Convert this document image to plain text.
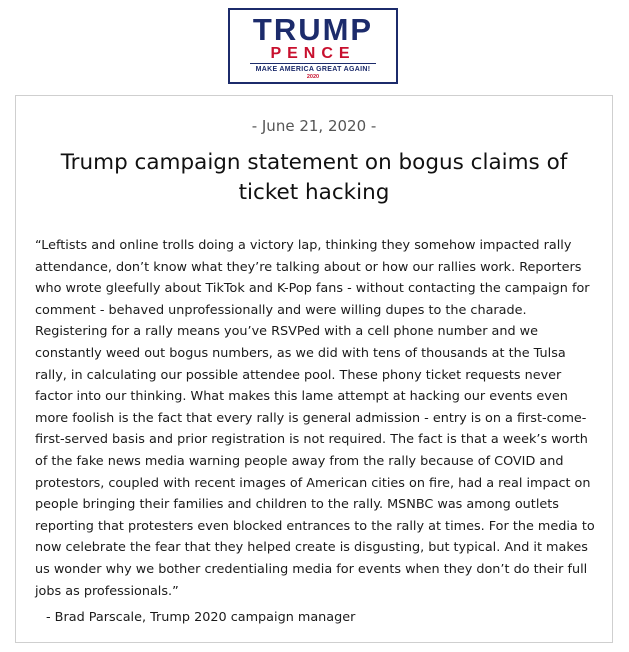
TRUMP
PENCE
MAKE AMERICA GREAT AGAIN!
2020
- June 21, 2020 -
Trump campaign statement on bogus claims of ticket hacking

“Leftists and online trolls doing a victory lap, thinking they somehow impacted rally attendance, don’t know what they’re talking about or how our rallies work. Reporters who wrote gleefully about TikTok and K-Pop fans - without contacting the campaign for comment - behaved unprofessionally and were willing dupes to the charade. Registering for a rally means you’ve RSVPed with a cell phone number and we constantly weed out bogus numbers, as we did with tens of thousands at the Tulsa rally, in calculating our possible attendee pool. These phony ticket requests never factor into our thinking. What makes this lame attempt at hacking our events even more foolish is the fact that every rally is general admission - entry is on a first-come-first-served basis and prior registration is not required. The fact is that a week’s worth of the fake news media warning people away from the rally because of COVID and protestors, coupled with recent images of American cities on fire, had a real impact on people bringing their families and children to the rally. MSNBC was among outlets reporting that protesters even blocked entrances to the rally at times. For the media to now celebrate the fear that they helped create is disgusting, but typical. And it makes us wonder why we bother credentialing media for events when they don’t do their full jobs as professionals.”

- Brad Parscale, Trump 2020 campaign manager
